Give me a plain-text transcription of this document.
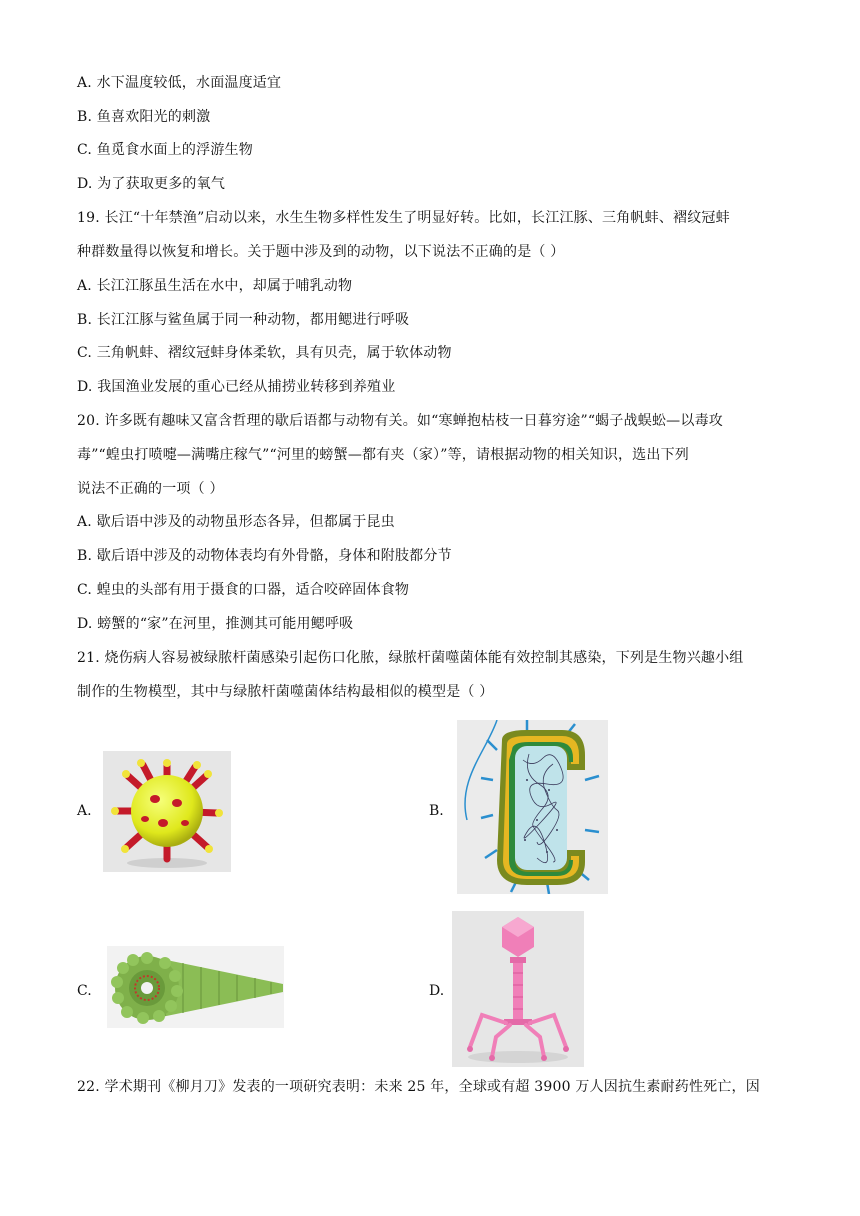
A. 水下温度较低，水面温度适宜
B. 鱼喜欢阳光的刺激
C. 鱼觅食水面上的浮游生物
D. 为了获取更多的氧气
19. 长江“十年禁渔”启动以来，水生生物多样性发生了明显好转。比如，长江江豚、三角帆蚌、褶纹冠蚌
种群数量得以恢复和增长。关于题中涉及到的动物，以下说法不正确的是（ ）
A. 长江江豚虽生活在水中，却属于哺乳动物
B. 长江江豚与鲨鱼属于同一种动物，都用鳃进行呼吸
C. 三角帆蚌、褶纹冠蚌身体柔软，具有贝壳，属于软体动物
D. 我国渔业发展的重心已经从捕捞业转移到养殖业
20. 许多既有趣味又富含哲理的歇后语都与动物有关。如“寒蝉抱枯枝一日暮穷途”“蝎子战蜈蚣—以毒攻
毒”“蝗虫打喷嚏—满嘴庄稼气”“河里的螃蟹—都有夹（家）”等，请根据动物的相关知识，选出下列
说法不正确的一项（ ）
A. 歇后语中涉及的动物虽形态各异，但都属于昆虫
B. 歇后语中涉及的动物体表均有外骨骼，身体和附肢都分节
C. 蝗虫的头部有用于摄食的口器，适合咬碎固体食物
D. 螃蟹的“家”在河里，推测其可能用鳃呼吸
21. 烧伤病人容易被绿脓杆菌感染引起伤口化脓，绿脓杆菌噬菌体能有效控制其感染，下列是生物兴趣小组
制作的生物模型，其中与绿脓杆菌噬菌体结构最相似的模型是（ ）
A.	B.
C.	D.
22. 学术期刊《柳月刀》发表的一项研究表明：未来 25 年，全球或有超 3900 万人因抗生素耐药性死亡，因
